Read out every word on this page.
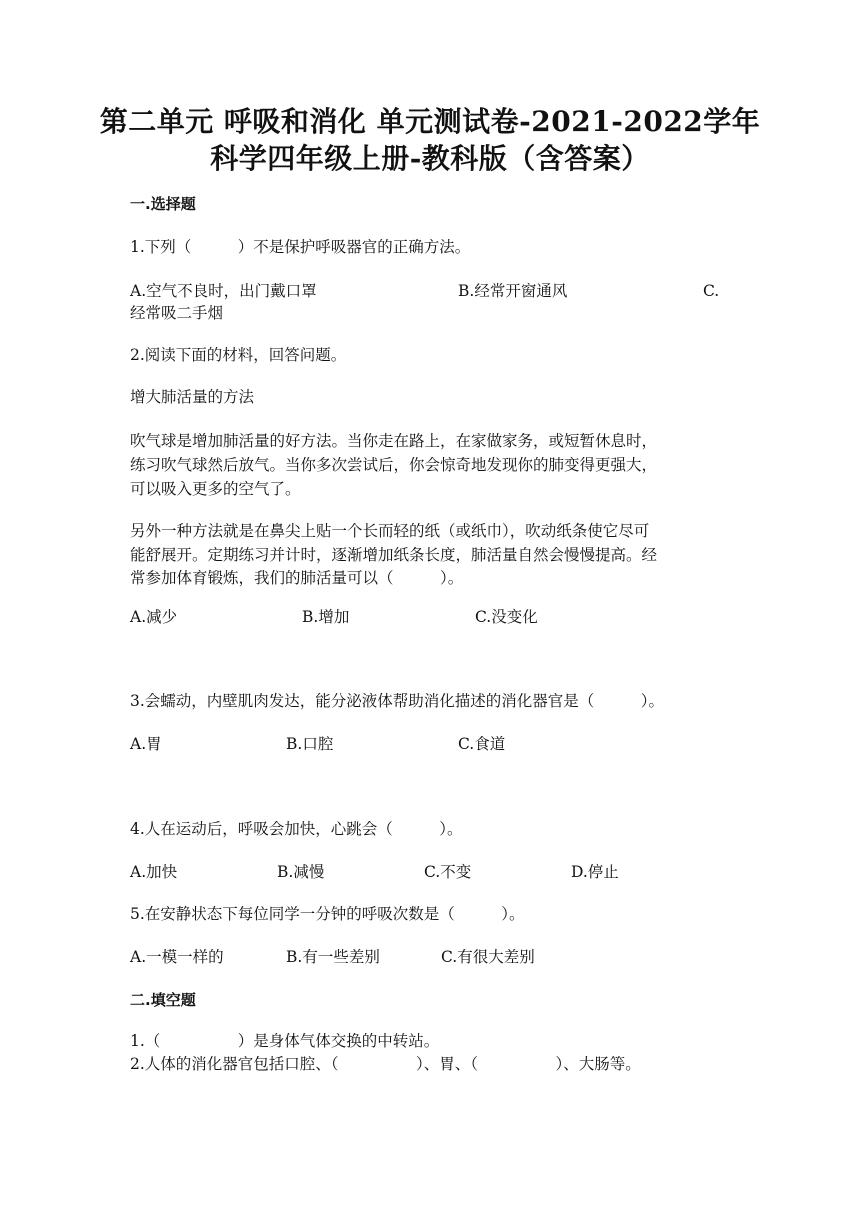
第二单元 呼吸和消化 单元测试卷-2021-2022学年
科学四年级上册-教科版（含答案）
一.选择题
1.下列（　　　）不是保护呼吸器官的正确方法。
A.空气不良时，出门戴口罩	B.经常开窗通风	C.
经常吸二手烟
2.阅读下面的材料，回答问题。
增大肺活量的方法
吹气球是增加肺活量的好方法。当你走在路上，在家做家务，或短暂休息时，
练习吹气球然后放气。当你多次尝试后，你会惊奇地发现你的肺变得更强大，
可以吸入更多的空气了。
另外一种方法就是在鼻尖上贴一个长而轻的纸（或纸巾），吹动纸条使它尽可
能舒展开。定期练习并计时，逐渐增加纸条长度，肺活量自然会慢慢提高。经
常参加体育锻炼，我们的肺活量可以（　　　）。
A.减少	B.增加	C.没变化
3.会蠕动，内壁肌肉发达，能分泌液体帮助消化描述的消化器官是（　　　）。
A.胃	B.口腔	C.食道
4.人在运动后，呼吸会加快，心跳会（　　　）。
A.加快	B.减慢	C.不变	D.停止
5.在安静状态下每位同学一分钟的呼吸次数是（　　　）。
A.一模一样的	B.有一些差别	C.有很大差别
二.填空题
1.（　　　　　）是身体气体交换的中转站。
2.人体的消化器官包括口腔、（　　　　　）、胃、（　　　　　）、大肠等。
